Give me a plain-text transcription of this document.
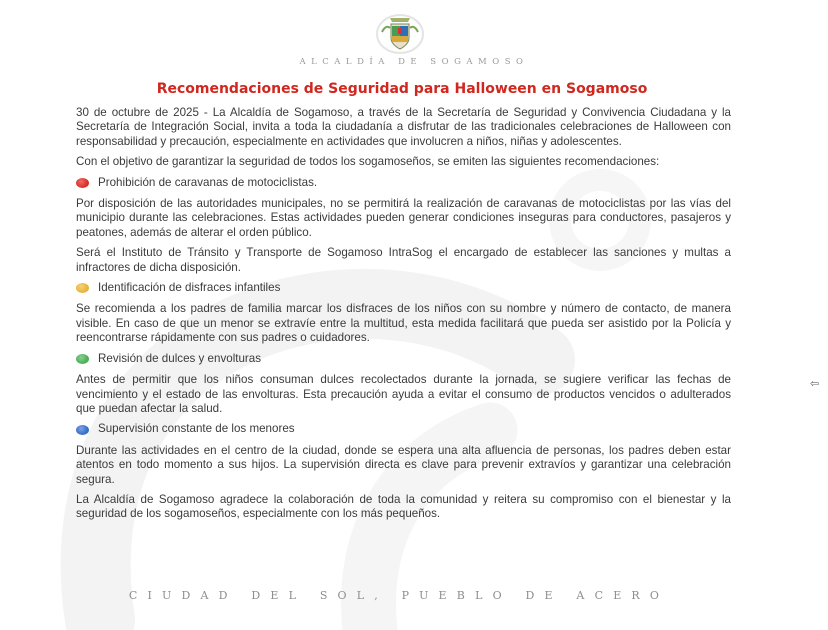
ALCALDÍA DE SOGAMOSO
Recomendaciones de Seguridad para Halloween en Sogamoso

30 de octubre de 2025 - La Alcaldía de Sogamoso, a través de la Secretaría de Seguridad y Convivencia Ciudadana y la Secretaría de Integración Social, invita a toda la ciudadanía a disfrutar de las tradicionales celebraciones de Halloween con responsabilidad y precaución, especialmente en actividades que involucren a niños, niñas y adolescentes.

Con el objetivo de garantizar la seguridad de todos los sogamoseños, se emiten las siguientes recomendaciones:

Prohibición de caravanas de motociclistas.

Por disposición de las autoridades municipales, no se permitirá la realización de caravanas de motociclistas por las vías del municipio durante las celebraciones. Estas actividades pueden generar condiciones inseguras para conductores, pasajeros y peatones, además de alterar el orden público.

Será el Instituto de Tránsito y Transporte de Sogamoso IntraSog el encargado de establecer las sanciones y multas a infractores de dicha disposición.

Identificación de disfraces infantiles

Se recomienda a los padres de familia marcar los disfraces de los niños con su nombre y número de contacto, de manera visible. En caso de que un menor se extravíe entre la multitud, esta medida facilitará que pueda ser asistido por la Policía y reencontrarse rápidamente con sus padres o cuidadores.

Revisión de dulces y envolturas

Antes de permitir que los niños consuman dulces recolectados durante la jornada, se sugiere verificar las fechas de vencimiento y el estado de las envolturas. Esta precaución ayuda a evitar el consumo de productos vencidos o adulterados que puedan afectar la salud.

Supervisión constante de los menores

Durante las actividades en el centro de la ciudad, donde se espera una alta afluencia de personas, los padres deben estar atentos en todo momento a sus hijos. La supervisión directa es clave para prevenir extravíos y garantizar una celebración segura.

La Alcaldía de Sogamoso agradece la colaboración de toda la comunidad y reitera su compromiso con el bienestar y la seguridad de los sogamoseños, especialmente con los más pequeños.

⇦
CIUDAD DEL SOL, PUEBLO DE ACERO
